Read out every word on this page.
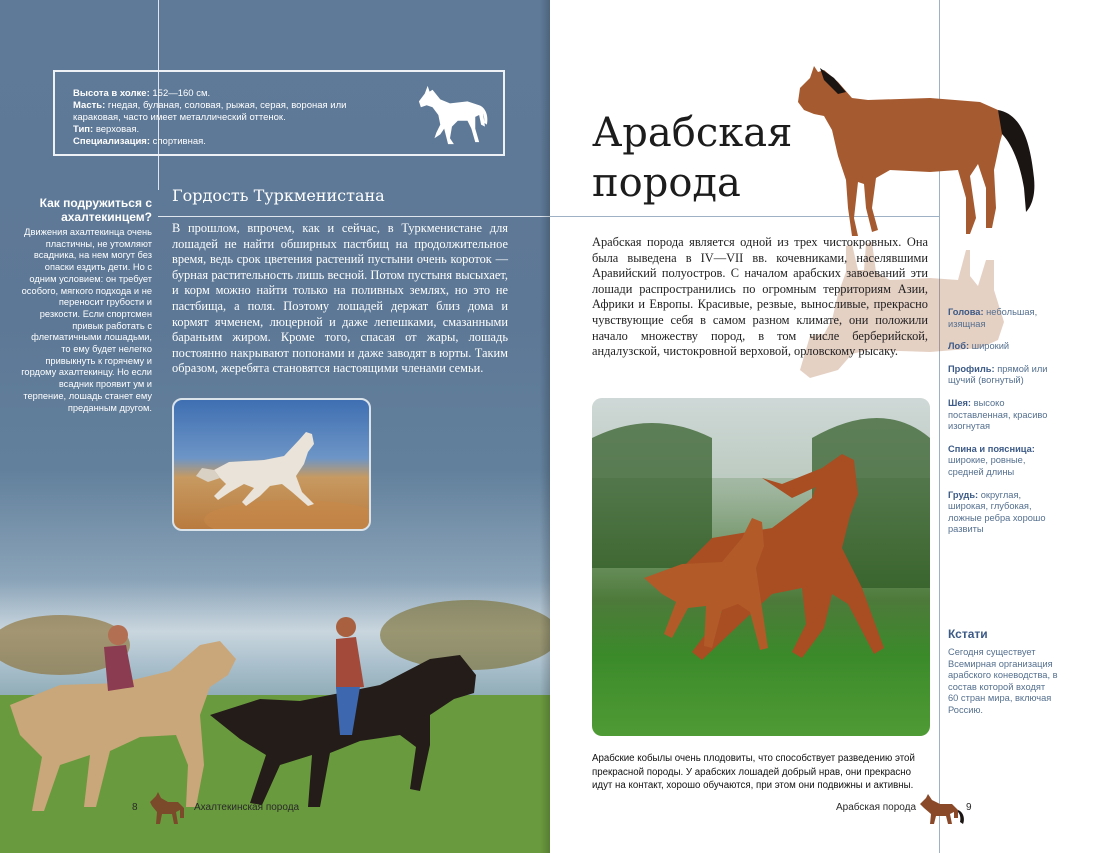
Высота в холке: 152—160 см.
Масть: гнедая, буланая, соловая, рыжая, серая, вороная или караковая, часто имеет металлический оттенок.
Тип: верховая.
Специализация: спортивная.
Как подружиться с ахалтекинцем?

Движения ахалтекинца очень пластичны, не утомляют всадника, на нем могут без опаски ездить дети. Но с одним условием: он требует особого, мягкого подхода и не переносит грубости и резкости. Если спортсмен привык работать с флегматичными лошадьми, то ему будет нелегко привыкнуть к горячему и гордому ахалтекинцу. Но если всадник проявит ум и терпение, лошадь станет ему преданным другом.

Гордость Туркменистана
В прошлом, впрочем, как и сейчас, в Туркменистане для лошадей не найти обширных пастбищ на продолжительное время, ведь срок цветения растений пустыни очень короток — бурная растительность лишь весной. Потом пустыня высыхает, и корм можно найти только на поливных землях, но это не пастбища, а поля. Поэтому лошадей держат близ дома и кормят ячменем, люцерной и даже лепешками, смазанными бараньим жиром. Кроме того, спасая от жары, лошадь постоянно накрывают попонами и даже заводят в юрты. Таким образом, жеребята становятся настоящими членами семьи.
8	Ахалтекинская порода
Арабская
порода
Арабская порода является одной из трех чистокровных. Она была выведена в IV—VII вв. кочевниками, населявшими Аравийский полуостров. С началом арабских завоеваний эти лошади распространились по огромным территориям Азии, Африки и Европы. Красивые, резвые, выносливые, прекрасно чувствующие себя в самом разном климате, они положили начало множеству пород, в том числе берберийской, андалузской, чистокровной верховой, орловскому рысаку.
Арабские кобылы очень плодовиты, что способствует разведению этой прекрасной породы. У арабских лошадей добрый нрав, они прекрасно идут на контакт, хорошо обучаются, при этом они подвижны и активны.
Голова: небольшая, изящная
Лоб: широкий
Профиль: прямой или щучий (вогнутый)
Шея: высоко поставленная, красиво изогнутая
Спина и поясница: широкие, ровные, средней длины
Грудь: округлая, широкая, глубокая, ложные ребра хорошо развиты
Кстати

Сегодня существует Всемирная организация арабского коневодства, в состав которой входят 60 стран мира, включая Россию.

Арабская порода	9
